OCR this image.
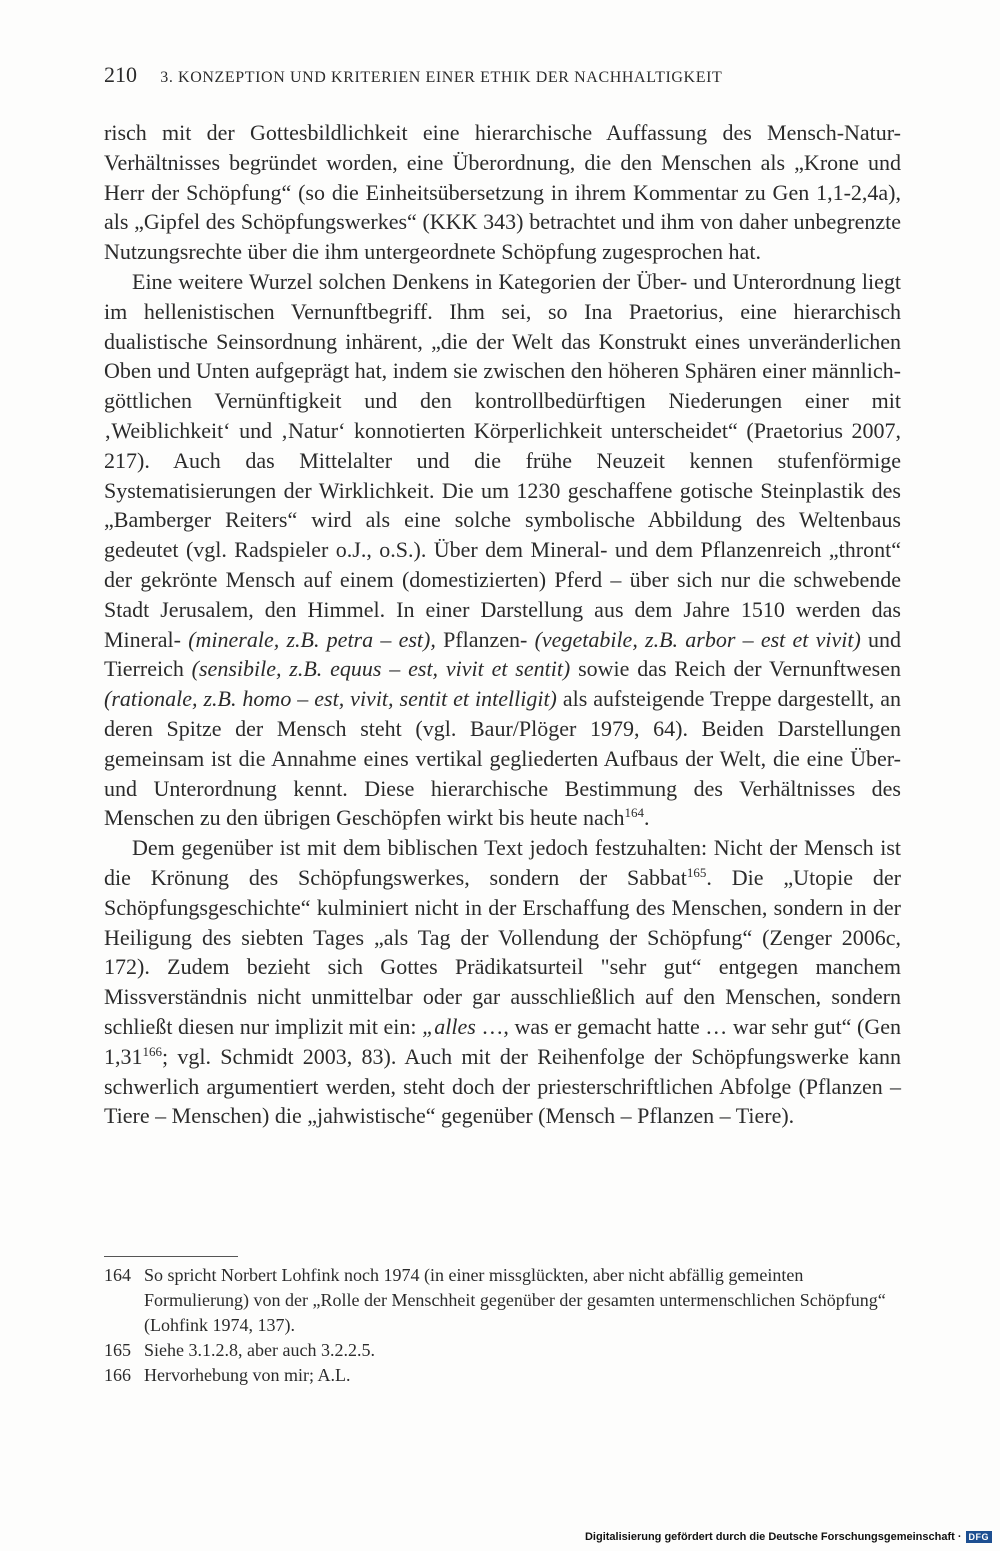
210 3. KONZEPTION UND KRITERIEN EINER ETHIK DER NACHHALTIGKEIT

risch mit der Gottesbildlichkeit eine hierarchische Auffassung des Mensch-Natur-Verhältnisses begründet worden, eine Überordnung, die den Menschen als „Krone und Herr der Schöpfung“ (so die Einheitsübersetzung in ihrem Kommentar zu Gen 1,1-2,4a), als „Gipfel des Schöpfungswerkes“ (KKK 343) betrachtet und ihm von daher unbegrenzte Nutzungsrechte über die ihm untergeordnete Schöpfung zugesprochen hat.

Eine weitere Wurzel solchen Denkens in Kategorien der Über- und Unterordnung liegt im hellenistischen Vernunftbegriff. Ihm sei, so Ina Praetorius, eine hierarchisch dualistische Seinsordnung inhärent, „die der Welt das Konstrukt eines unveränderlichen Oben und Unten aufgeprägt hat, indem sie zwischen den höheren Sphären einer männlich-göttlichen Vernünftigkeit und den kontrollbedürftigen Niederungen einer mit ‚Weiblichkeit‘ und ‚Natur‘ konnotierten Körperlichkeit unterscheidet“ (Praetorius 2007, 217). Auch das Mittelalter und die frühe Neuzeit kennen stufenförmige Systematisierungen der Wirklichkeit. Die um 1230 geschaffene gotische Steinplastik des „Bamberger Reiters“ wird als eine solche symbolische Abbildung des Weltenbaus gedeutet (vgl. Radspieler o.J., o.S.). Über dem Mineral- und dem Pflanzenreich „thront“ der gekrönte Mensch auf einem (domestizierten) Pferd – über sich nur die schwebende Stadt Jerusalem, den Himmel. In einer Darstellung aus dem Jahre 1510 werden das Mineral- (minerale, z.B. petra – est), Pflanzen- (vegetabile, z.B. arbor – est et vivit) und Tierreich (sensibile, z.B. equus – est, vivit et sentit) sowie das Reich der Vernunftwesen (rationale, z.B. homo – est, vivit, sentit et intelligit) als aufsteigende Treppe dargestellt, an deren Spitze der Mensch steht (vgl. Baur/Plöger 1979, 64). Beiden Darstellungen gemeinsam ist die Annahme eines vertikal gegliederten Aufbaus der Welt, die eine Über- und Unterordnung kennt. Diese hierarchische Bestimmung des Verhältnisses des Menschen zu den übrigen Geschöpfen wirkt bis heute nach$^{164}$.

Dem gegenüber ist mit dem biblischen Text jedoch festzuhalten: Nicht der Mensch ist die Krönung des Schöpfungswerkes, sondern der Sabbat$^{165}$. Die „Utopie der Schöpfungsgeschichte“ kulminiert nicht in der Erschaffung des Menschen, sondern in der Heiligung des siebten Tages „als Tag der Vollendung der Schöpfung“ (Zenger 2006c, 172). Zudem bezieht sich Gottes Prädikatsurteil "sehr gut“ entgegen manchem Missverständnis nicht unmittelbar oder gar ausschließlich auf den Menschen, sondern schließt diesen nur implizit mit ein: „alles …, was er gemacht hatte … war sehr gut“ (Gen 1,31$^{166}$; vgl. Schmidt 2003, 83). Auch mit der Reihenfolge der Schöpfungswerke kann schwerlich argumentiert werden, steht doch der priesterschriftlichen Abfolge (Pflanzen – Tiere – Menschen) die „jahwistische“ gegenüber (Mensch – Pflanzen – Tiere).

164 So spricht Norbert Lohfink noch 1974 (in einer missglückten, aber nicht abfällig gemeinten Formulierung) von der „Rolle der Menschheit gegenüber der gesamten untermenschlichen Schöpfung“ (Lohfink 1974, 137).

165 Siehe 3.1.2.8, aber auch 3.2.2.5.

166 Hervorhebung von mir; A.L.

Digitalisierung gefördert durch die Deutsche Forschungsgemeinschaft · DFG
